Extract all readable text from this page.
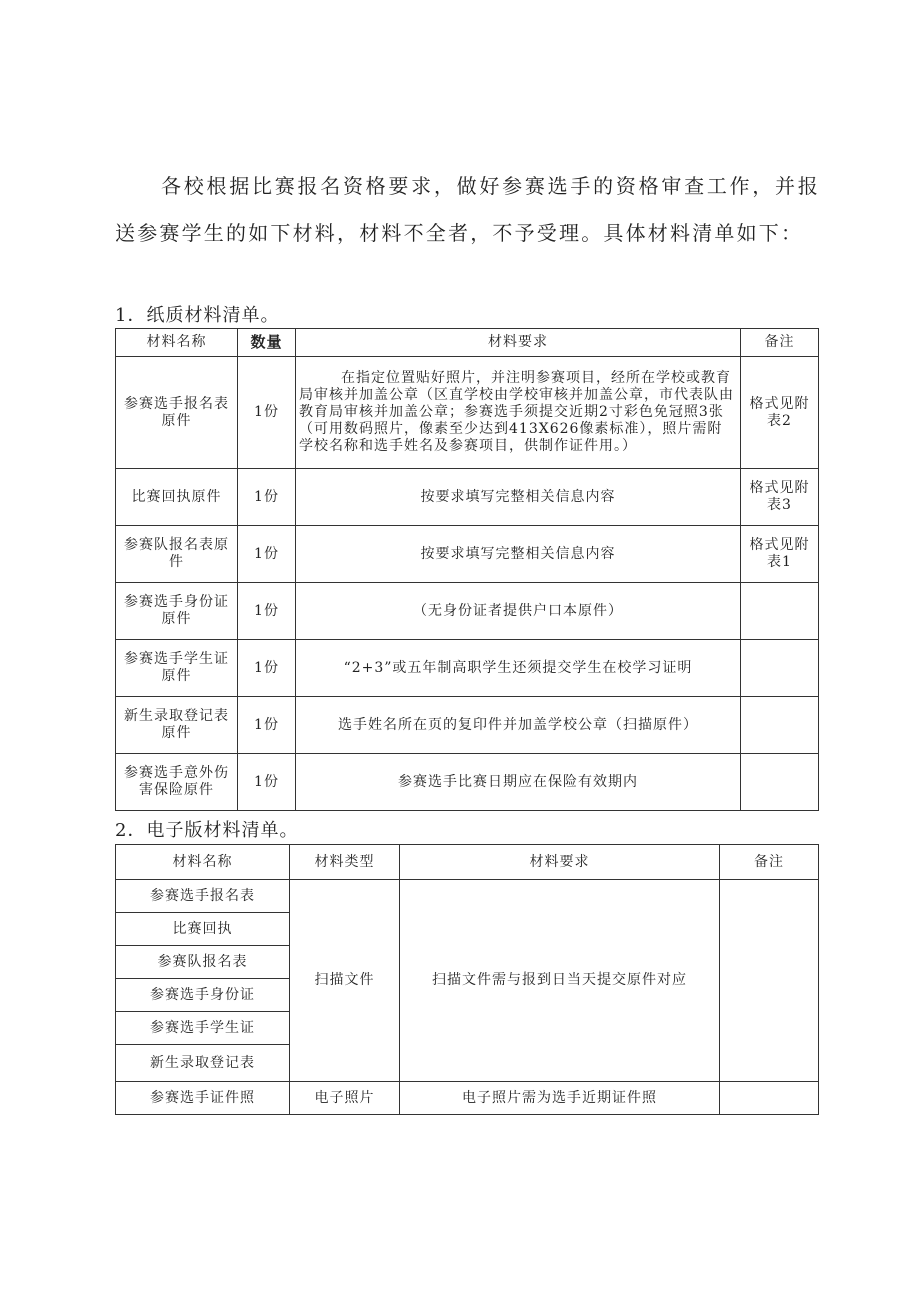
各校根据比赛报名资格要求，做好参赛选手的资格审查工作，并报送参赛学生的如下材料，材料不全者，不予受理。具体材料清单如下：

1．纸质材料清单。

材料名称	数量	材料要求	备注
参赛选手报名表原件	1份	在指定位置贴好照片，并注明参赛项目，经所在学校或教育局审核并加盖公章（区直学校由学校审核并加盖公章，市代表队由教育局审核并加盖公章；参赛选手须提交近期2寸彩色免冠照3张（可用数码照片，像素至少达到413X626像素标准），照片需附学校名称和选手姓名及参赛项目，供制作证件用。）	格式见附表2
比赛回执原件	1份	按要求填写完整相关信息内容	格式见附表3
参赛队报名表原件	1份	按要求填写完整相关信息内容	格式见附表1
参赛选手身份证原件	1份	（无身份证者提供户口本原件）	
参赛选手学生证原件	1份	“2+3”或五年制高职学生还须提交学生在校学习证明	
新生录取登记表原件	1份	选手姓名所在页的复印件并加盖学校公章（扫描原件）	
参赛选手意外伤害保险原件	1份	参赛选手比赛日期应在保险有效期内	

2．电子版材料清单。

材料名称	材料类型	材料要求	备注
参赛选手报名表	扫描文件	扫描文件需与报到日当天提交原件对应	
比赛回执			
参赛队报名表			
参赛选手身份证			
参赛选手学生证			
新生录取登记表			
参赛选手证件照	电子照片	电子照片需为选手近期证件照	
